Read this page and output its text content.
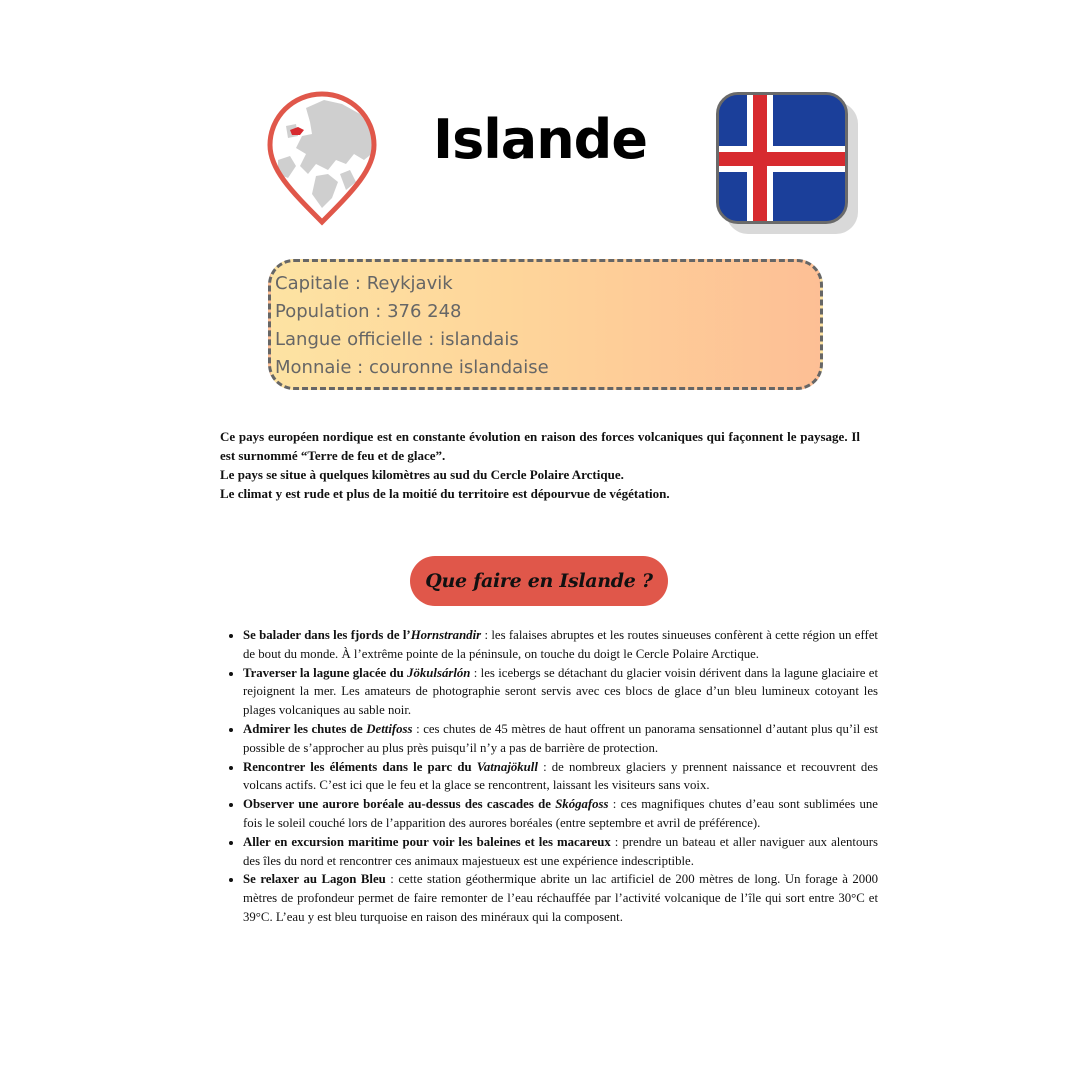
Islande
Capitale : Reykjavik
Population : 376 248
Langue officielle : islandais
Monnaie : couronne islandaise

Ce pays européen nordique est en constante évolution en raison des forces volcaniques qui façonnent le paysage. Il est surnommé “Terre de feu et de glace”.

Le pays se situe à quelques kilomètres au sud du Cercle Polaire Arctique.

Le climat y est rude et plus de la moitié du territoire est dépourvue de végétation.

Que faire en Islande ?
• Se balader dans les fjords de l’Hornstrandir : les falaises abruptes et les routes sinueuses confèrent à cette région un effet de bout du monde. À l’extrême pointe de la péninsule, on touche du doigt le Cercle Polaire Arctique.
• Traverser la lagune glacée du Jökulsárlón : les icebergs se détachant du glacier voisin dérivent dans la lagune glaciaire et rejoignent la mer. Les amateurs de photographie seront servis avec ces blocs de glace d’un bleu lumineux cotoyant les plages volcaniques au sable noir.
• Admirer les chutes de Dettifoss : ces chutes de 45 mètres de haut offrent un panorama sensationnel d’autant plus qu’il est possible de s’approcher au plus près puisqu’il n’y a pas de barrière de protection.
• Rencontrer les éléments dans le parc du Vatnajökull : de nombreux glaciers y prennent naissance et recouvrent des volcans actifs. C’est ici que le feu et la glace se rencontrent, laissant les visiteurs sans voix.
• Observer une aurore boréale au-dessus des cascades de Skógafoss : ces magnifiques chutes d’eau sont sublimées une fois le soleil couché lors de l’apparition des aurores boréales (entre septembre et avril de préférence).
• Aller en excursion maritime pour voir les baleines et les macareux : prendre un bateau et aller naviguer aux alentours des îles du nord et rencontrer ces animaux majestueux est une expérience indescriptible.
• Se relaxer au Lagon Bleu : cette station géothermique abrite un lac artificiel de 200 mètres de long. Un forage à 2000 mètres de profondeur permet de faire remonter de l’eau réchauffée par l’activité volcanique de l’île qui sort entre 30°C et 39°C. L’eau y est bleu turquoise en raison des minéraux qui la composent.
